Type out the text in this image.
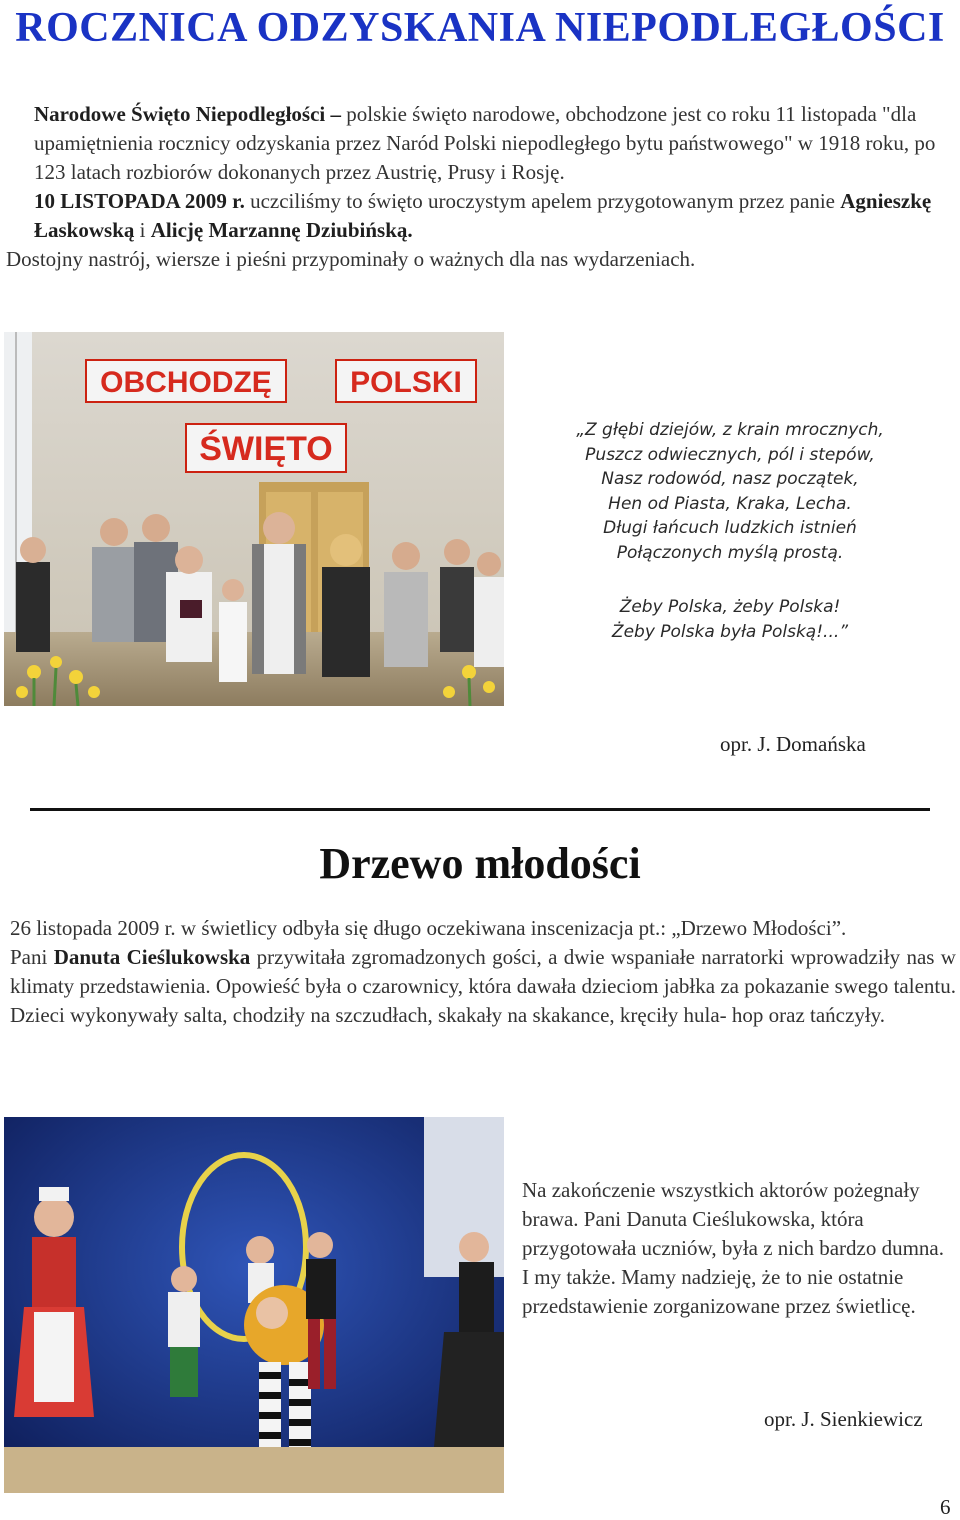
ROCZNICA ODZYSKANIA NIEPODLEGŁOŚCI
Narodowe Święto Niepodległości – polskie święto narodowe, obchodzone jest co roku 11 listopada "dla upamiętnienia rocznicy odzyskania przez Naród Polski niepodległego bytu państwowego" w 1918 roku, po 123 latach rozbiorów dokonanych przez Austrię, Prusy i Rosję.
10 LISTOPADA 2009 r. uczciliśmy to święto uroczystym apelem przygotowanym przez panie Agnieszkę Łaskowską i Alicję Marzannę Dziubińską.
Dostojny nastrój, wiersze i pieśni przypominały o ważnych dla nas wydarzeniach.
OBCHODZĘ	POLSKI
ŚWIĘTO	„Z głębi dziejów, z krain mrocznych,
Puszcz odwiecznych, pól i stepów,
Nasz rodowód, nasz początek,
Hen od Piasta, Kraka, Lecha.
Długi łańcuch ludzkich istnień
Połączonych myślą prostą.
Żeby Polska, żeby Polska!
Żeby Polska była Polską!...”
opr. J. Domańska
Drzewo młodości
26 listopada 2009 r. w świetlicy odbyła się długo oczekiwana inscenizacja pt.: „Drzewo Młodości”.
Pani Danuta Cieślukowska przywitała zgromadzonych gości, a dwie wspaniałe narratorki wprowadziły nas w klimaty przedstawienia. Opowieść była o czarownicy, która dawała dzieciom jabłka za pokazanie swego talentu. Dzieci wykonywały salta, chodziły na szczudłach, skakały na skakance, kręciły hula- hop oraz tańczyły.
Na zakończenie wszystkich aktorów pożegnały brawa. Pani Danuta Cieślukowska, która przygotowała uczniów, była z nich bardzo dumna. I my także. Mamy nadzieję, że to nie ostatnie przedstawienie zorganizowane przez świetlicę.
opr. J. Sienkiewicz
6
